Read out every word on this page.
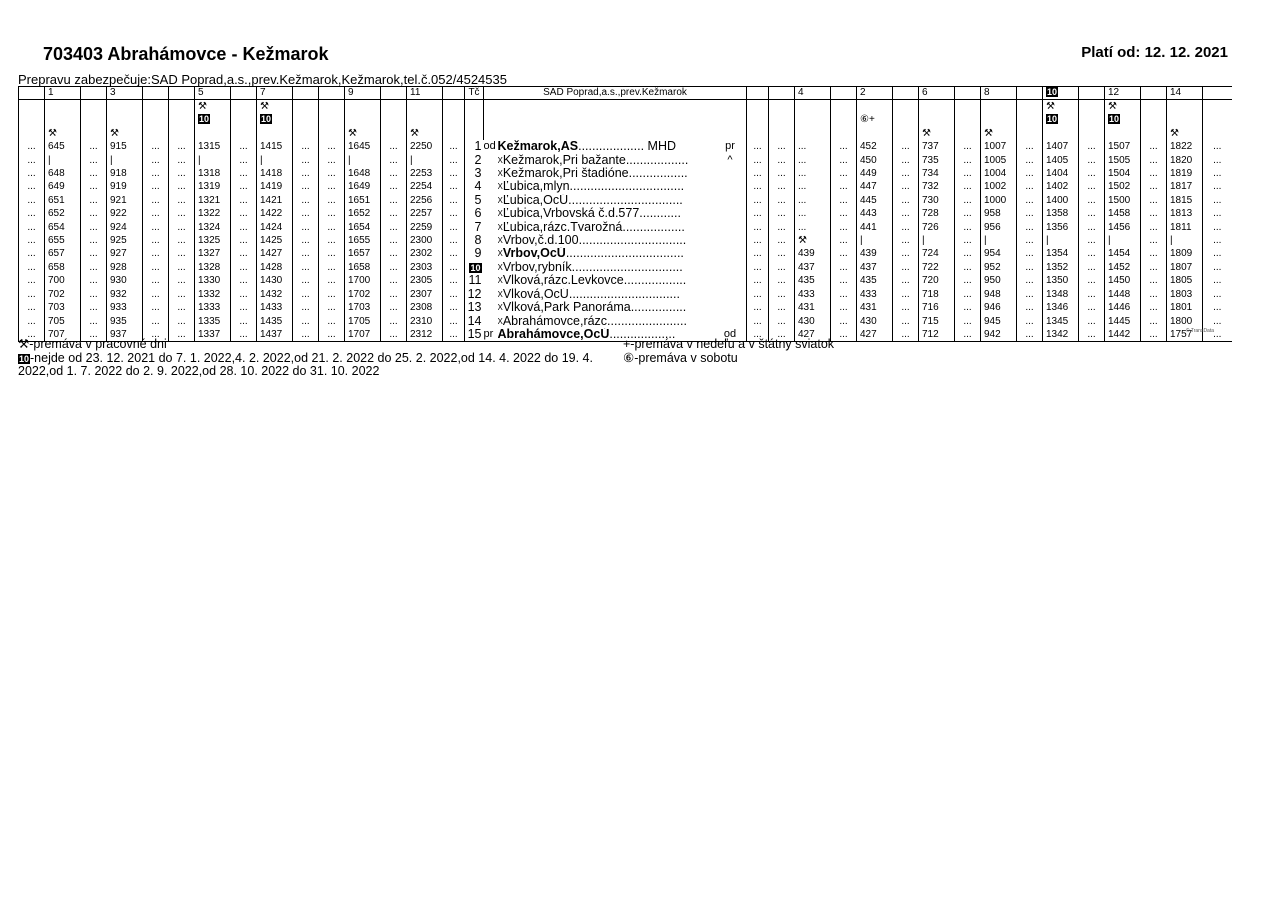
703403 Abrahámovce - Kežmarok	Platí od: 12. 12. 2021
Prepravu zabezpečuje:SAD Poprad,a.s.,prev.Kežmarok,Kežmarok,tel.č.052/4524535
	1		3			5		7			9		11		Tč	SAD Poprad,a.s.,prev.Kežmarok						4		2		6		8		10		12		14	
						⚒		⚒																						⚒		⚒			
						10		10																⑥+						10		10			
	⚒		⚒								⚒		⚒													⚒		⚒						⚒	
...	645	...	915	...	...	1315	...	1415	...	...	1645	...	2250	...	1	od	Kežmarok,AS................... MHD	pr		...	...	...	...	452	...	737	...	1007	...	1407	...	1507	...	1822	...
...	|	...	|	...	...	|	...	|	...	...	|	...	|	...	2		$^X$Kežmarok,Pri bažante..................	^		...	...	...	...	450	...	735	...	1005	...	1405	...	1505	...	1820	...
...	648	...	918	...	...	1318	...	1418	...	...	1648	...	2253	...	3		$^X$Kežmarok,Pri štadióne.................			...	...	...	...	449	...	734	...	1004	...	1404	...	1504	...	1819	...
...	649	...	919	...	...	1319	...	1419	...	...	1649	...	2254	...	4		$^X$Ľubica,mlyn.................................			...	...	...	...	447	...	732	...	1002	...	1402	...	1502	...	1817	...
...	651	...	921	...	...	1321	...	1421	...	...	1651	...	2256	...	5		$^X$Ľubica,OcÚ.................................			...	...	...	...	445	...	730	...	1000	...	1400	...	1500	...	1815	...
...	652	...	922	...	...	1322	...	1422	...	...	1652	...	2257	...	6		$^X$Ľubica,Vrbovská č.d.577............			...	...	...	...	443	...	728	...	958	...	1358	...	1458	...	1813	...
...	654	...	924	...	...	1324	...	1424	...	...	1654	...	2259	...	7		$^X$Ľubica,rázc.Tvarožná..................			...	...	...	...	441	...	726	...	956	...	1356	...	1456	...	1811	...
...	655	...	925	...	...	1325	...	1425	...	...	1655	...	2300	...	8		$^X$Vrbov,č.d.100...............................			...	...	⚒	...	|	...	|	...	|	...	|	...	|	...	|	...
...	657	...	927	...	...	1327	...	1427	...	...	1657	...	2302	...	9		$^X$Vrbov,OcÚ..................................			...	...	439	...	439	...	724	...	954	...	1354	...	1454	...	1809	...
...	658	...	928	...	...	1328	...	1428	...	...	1658	...	2303	...	10		$^X$Vrbov,rybník................................			...	...	437	...	437	...	722	...	952	...	1352	...	1452	...	1807	...
...	700	...	930	...	...	1330	...	1430	...	...	1700	...	2305	...	11		$^X$Vlková,rázc.Levkovce..................			...	...	435	...	435	...	720	...	950	...	1350	...	1450	...	1805	...
...	702	...	932	...	...	1332	...	1432	...	...	1702	...	2307	...	12		$^X$Vlková,OcÚ................................			...	...	433	...	433	...	718	...	948	...	1348	...	1448	...	1803	...
...	703	...	933	...	...	1333	...	1433	...	...	1703	...	2308	...	13		$^X$Vlková,Park Panoráma................			...	...	431	...	431	...	716	...	946	...	1346	...	1446	...	1801	...
...	705	...	935	...	...	1335	...	1435	...	...	1705	...	2310	...	14		$^X$Abrahámovce,rázc.......................			...	...	430	...	430	...	715	...	945	...	1345	...	1445	...	1800	...
...	707	...	937	...	...	1337	...	1437	...	...	1707	...	2312	...	15	pr	Abrahámovce,OcÚ...................	od		...	...	427	...	427	...	712	...	942	...	1342	...	1442	...	1757	...
© TransData
⚒-premáva v pracovné dni
10-nejde od 23. 12. 2021 do 7. 1. 2022,4. 2. 2022,od 21. 2. 2022 do 25. 2. 2022,od 14. 4. 2022 do 19. 4. 2022,od 1. 7. 2022 do 2. 9. 2022,od 28. 10. 2022 do 31. 10. 2022
+-premáva v nedeľu a v štátny sviatok
⑥-premáva v sobotu
